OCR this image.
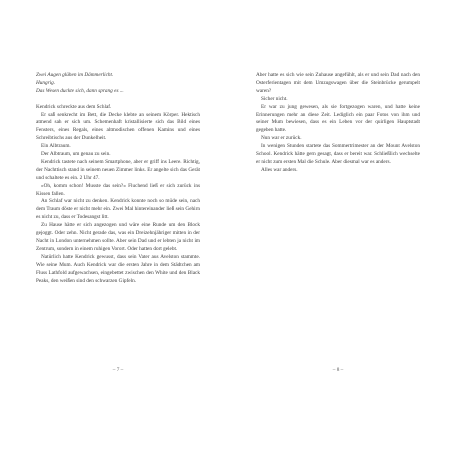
Zwei Augen glühen im Dämmerlicht.

Hungrig.

Das Wesen duckte sich, dann sprang es ...

Kendrick schreckte aus dem Schlaf.

Er saß senkrecht im Bett, die Decke klebte an seinem Körper. Hektisch atmend sah er sich um. Schemenhaft kristallisierte sich das Bild eines Fensters, eines Regals, eines altmodischen offenen Kamins und eines Schreibtischs aus der Dunkelheit.

Ein Albtraum.

Der Albtraum, um genau zu sein.

Kendrick tastete nach seinem Smartphone, aber er griff ins Leere. Richtig, der Nachttisch stand in seinem neuen Zimmer links. Er angelte sich das Gerät und schaltete es ein. 2 Uhr 47.

»Oh, komm schon! Musste das sein?« Fluchend ließ er sich zurück ins Kissen fallen.

An Schlaf war nicht zu denken. Kendrick konnte noch so müde sein, nach dem Traum döste er nicht mehr ein. Zwei Mal hintereinander ließ sein Gehirn es nicht zu, dass er Todesangst litt.

Zu Hause hätte er sich angezogen und wäre eine Runde um den Block gejoggt. Oder zehn. Nicht gerade das, was ein Dreizehnjähriger mitten in der Nacht in London unternehmen sollte. Aber sein Dad und er lebten ja nicht im Zentrum, sondern in einem ruhigen Vorort. Oder hatten dort gelebt.

Natürlich hatte Kendrick gewusst, dass sein Vater aus Avelston stammte. Wie seine Mum. Auch Kendrick war die ersten Jahre in dem Städtchen am Fluss Lathfold aufgewachsen, eingebettet zwischen den White und den Black Peaks, den weißen sind den schwarzen Gipfeln.

– 7 –

Aber hatte es sich wie sein Zuhause angefühlt, als er und sein Dad nach den Osterferientagen mit dem Umzugswagen über die Steinbrücke gerumpelt waren?

Sicher nicht.

Er war zu jung gewesen, als sie fortgezogen waren, und hatte keine Erinnerungen mehr an diese Zeit. Lediglich ein paar Fotos von ihm und seiner Mum bewiesen, dass es ein Leben vor der quirligen Hauptstadt gegeben hatte.

Nun war er zurück.

In wenigen Stunden startete das Sommertrimester an der Mount Avelston School. Kendrick hätte gern gesagt, dass er bereit war. Schließlich wechselte er nicht zum ersten Mal die Schule. Aber diesmal war es anders.

Alles war anders.

– 8 –
